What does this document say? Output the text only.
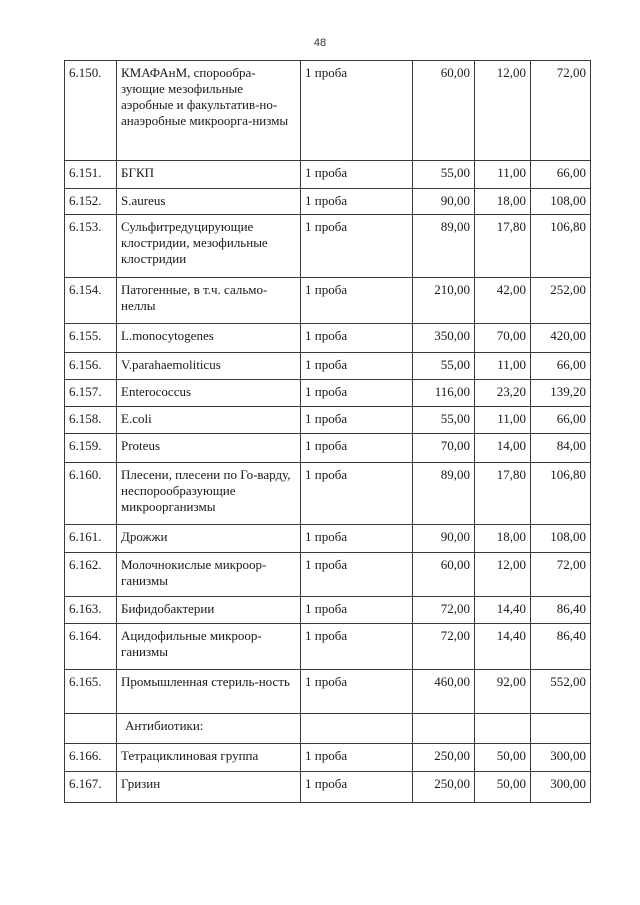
48
6.150.	КМАФАнМ, спорообра-зующие мезофильные аэробные и факультатив-но-анаэробные микроорга-низмы	1 проба	60,00	12,00	72,00
6.151.	БГКП	1 проба	55,00	11,00	66,00
6.152.	S.aureus	1 проба	90,00	18,00	108,00
6.153.	Сульфитредуцирующие клостридии, мезофильные клостридии	1 проба	89,00	17,80	106,80
6.154.	Патогенные, в т.ч. сальмо-неллы	1 проба	210,00	42,00	252,00
6.155.	L.monocytogenes	1 проба	350,00	70,00	420,00
6.156.	V.parahaemoliticus	1 проба	55,00	11,00	66,00
6.157.	Enterococcus	1 проба	116,00	23,20	139,20
6.158.	E.coli	1 проба	55,00	11,00	66,00
6.159.	Proteus	1 проба	70,00	14,00	84,00
6.160.	Плесени, плесени по Го-варду, неспорообразующие микроорганизмы	1 проба	89,00	17,80	106,80
6.161.	Дрожжи	1 проба	90,00	18,00	108,00
6.162.	Молочнокислые микроор-ганизмы	1 проба	60,00	12,00	72,00
6.163.	Бифидобактерии	1 проба	72,00	14,40	86,40
6.164.	Ацидофильные микроор-ганизмы	1 проба	72,00	14,40	86,40
6.165.	Промышленная стериль-ность	1 проба	460,00	92,00	552,00
	Антибиотики:				
6.166.	Тетрациклиновая группа	1 проба	250,00	50,00	300,00
6.167.	Гризин	1 проба	250,00	50,00	300,00
